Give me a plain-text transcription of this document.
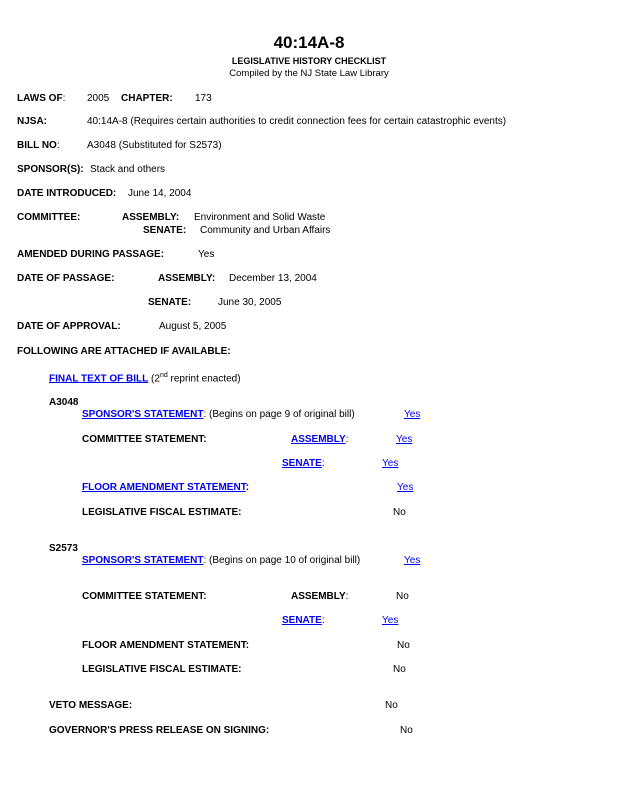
40:14A-8
LEGISLATIVE HISTORY CHECKLIST
Compiled by the NJ State Law Library
LAWS OF: 2005 CHAPTER: 173
NJSA:	40:14A-8 (Requires certain authorities to credit connection fees for certain catastrophic events)
BILL NO:	A3048 (Substituted for S2573)
SPONSOR(S): Stack and others
DATE INTRODUCED: June 14, 2004
COMMITTEE:	ASSEMBLY: Environment and Solid Waste
SENATE: Community and Urban Affairs
AMENDED DURING PASSAGE:	Yes
DATE OF PASSAGE:	ASSEMBLY: December 13, 2004
SENATE:	June 30, 2005
DATE OF APPROVAL:	August 5, 2005
FOLLOWING ARE ATTACHED IF AVAILABLE:
FINAL TEXT OF BILL (2nd reprint enacted)
A3048
SPONSOR'S STATEMENT: (Begins on page 9 of original bill)	Yes
COMMITTEE STATEMENT:	ASSEMBLY:	Yes
SENATE:	Yes
FLOOR AMENDMENT STATEMENT:	Yes
LEGISLATIVE FISCAL ESTIMATE:	No
S2573
SPONSOR'S STATEMENT: (Begins on page 10 of original bill)	Yes
COMMITTEE STATEMENT:	ASSEMBLY:	No
SENATE:	Yes
FLOOR AMENDMENT STATEMENT:	No
LEGISLATIVE FISCAL ESTIMATE:	No
VETO MESSAGE:	No
GOVERNOR'S PRESS RELEASE ON SIGNING:	No
